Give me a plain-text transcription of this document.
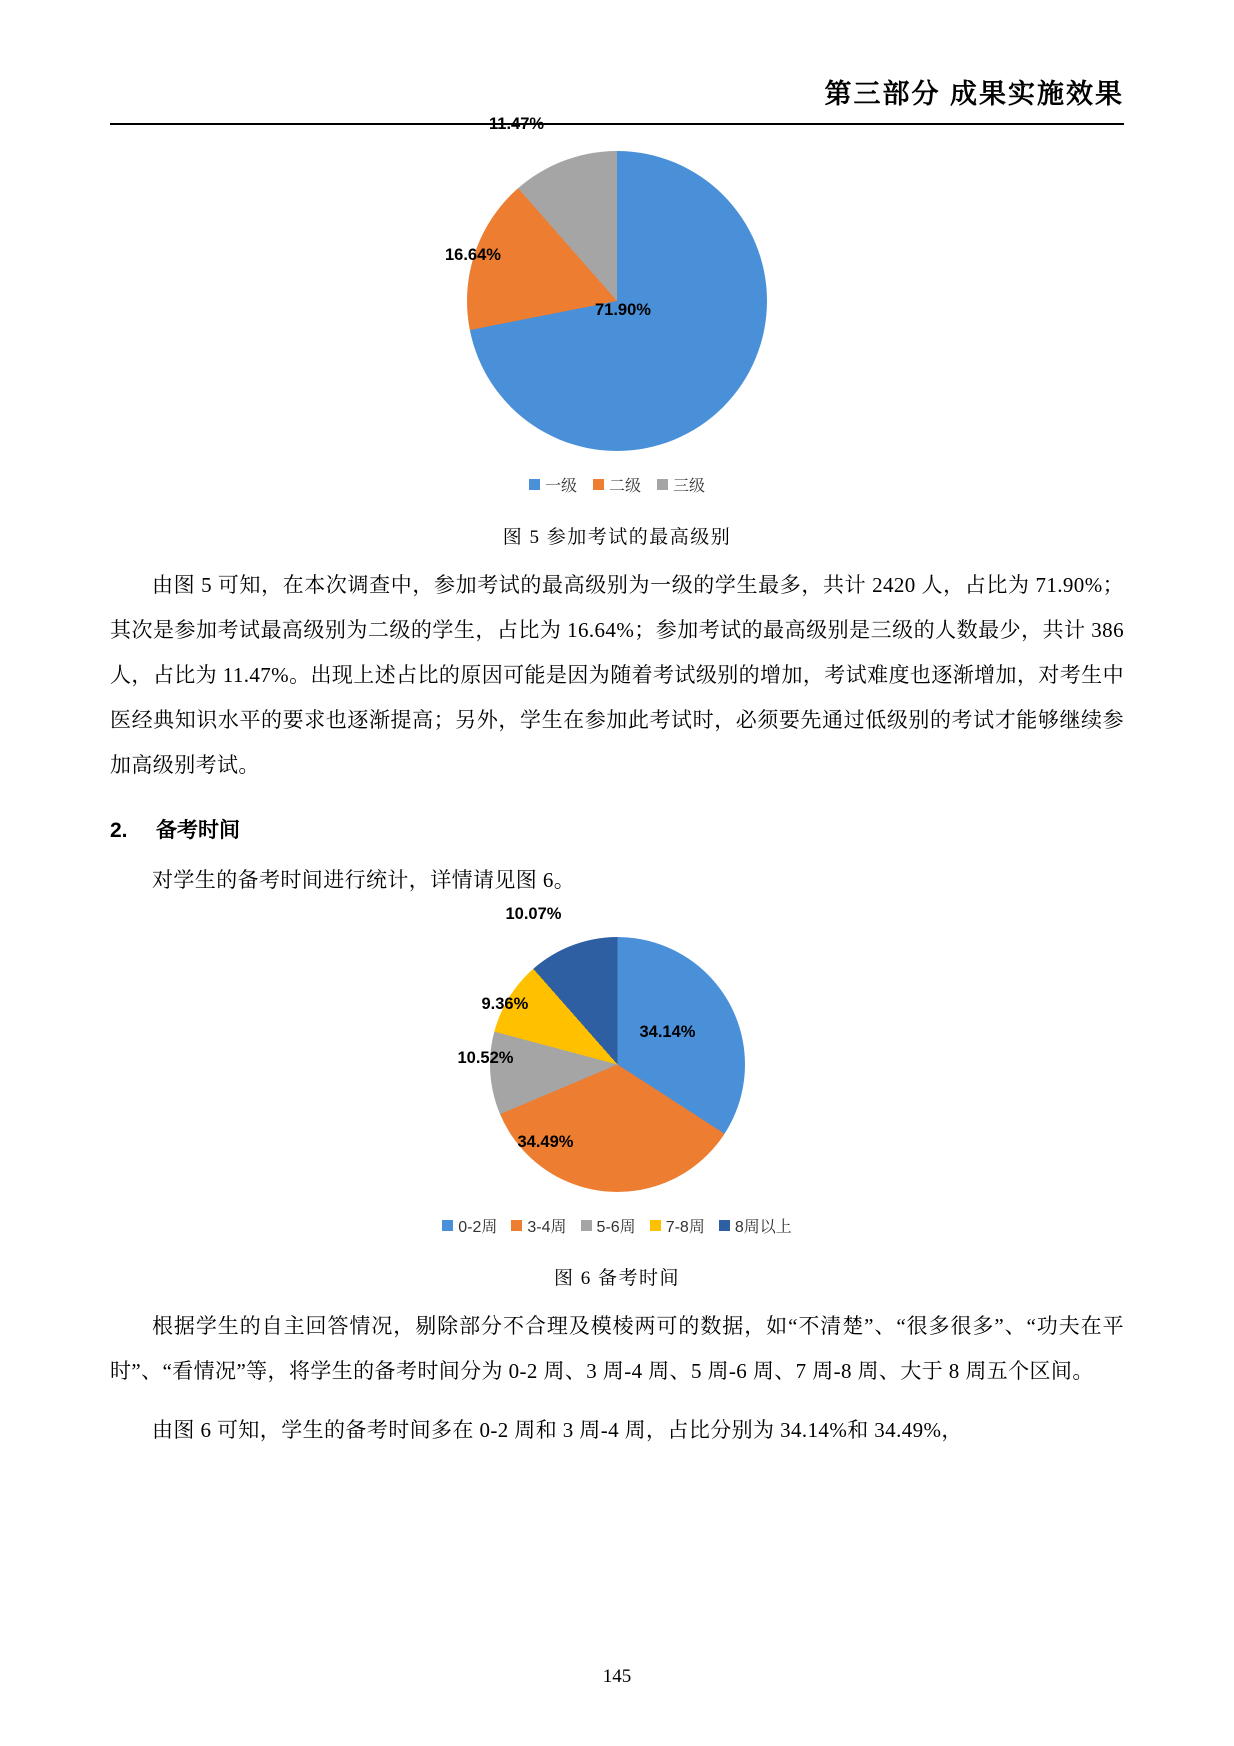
第三部分 成果实施效果
11.47%
16.64%
71.90%
一级 二级 三级
图 5 参加考试的最高级别

由图 5 可知，在本次调查中，参加考试的最高级别为一级的学生最多，共计 2420 人，占比为 71.90%；其次是参加考试最高级别为二级的学生，占比为 16.64%；参加考试的最高级别是三级的人数最少，共计 386 人，占比为 11.47%。出现上述占比的原因可能是因为随着考试级别的增加，考试难度也逐渐增加，对考生中医经典知识水平的要求也逐渐提高；另外，学生在参加此考试时，必须要先通过低级别的考试才能够继续参加高级别考试。

2. 备考时间

对学生的备考时间进行统计，详情请见图 6。

10.07%
9.36%
10.52%
34.49%
34.14%
0-2周 3-4周 5-6周 7-8周 8周以上
图 6 备考时间

根据学生的自主回答情况，剔除部分不合理及模棱两可的数据，如“不清楚”、“很多很多”、“功夫在平时”、“看情况”等，将学生的备考时间分为 0-2 周、3 周-4 周、5 周-6 周、7 周-8 周、大于 8 周五个区间。

由图 6 可知，学生的备考时间多在 0-2 周和 3 周-4 周，占比分别为 34.14%和 34.49%，

145
